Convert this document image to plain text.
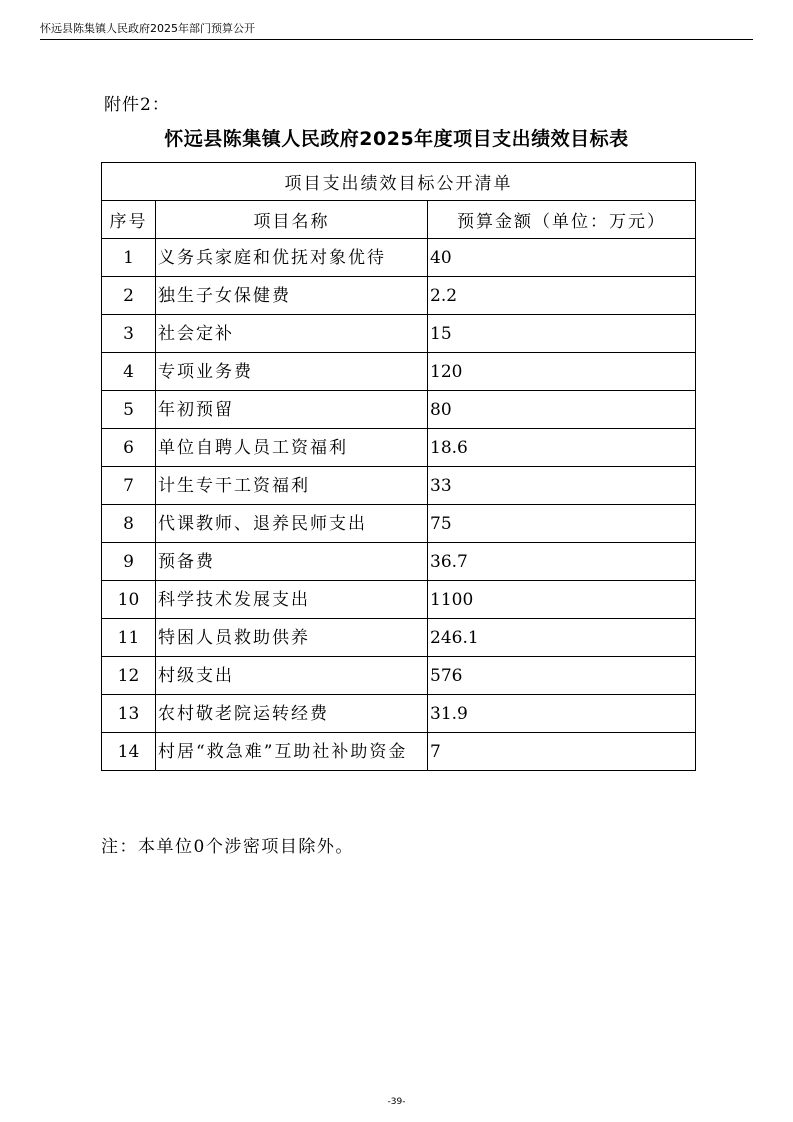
怀远县陈集镇人民政府2025年部门预算公开
附件2：
怀远县陈集镇人民政府2025年度项目支出绩效目标表
项目支出绩效目标公开清单		
序号	项目名称	预算金额（单位：万元）
1	义务兵家庭和优抚对象优待	40
2	独生子女保健费	2.2
3	社会定补	15
4	专项业务费	120
5	年初预留	80
6	单位自聘人员工资福利	18.6
7	计生专干工资福利	33
8	代课教师、退养民师支出	75
9	预备费	36.7
10	科学技术发展支出	1100
11	特困人员救助供养	246.1
12	村级支出	576
13	农村敬老院运转经费	31.9
14	村居“救急难”互助社补助资金	7
注：本单位0个涉密项目除外。
-39-
